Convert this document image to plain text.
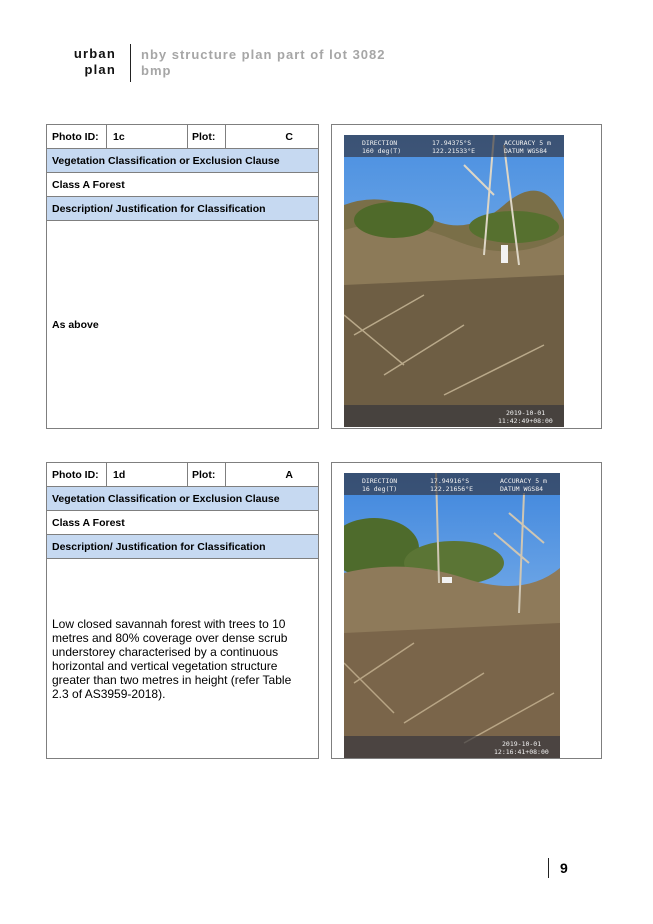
urban
plan
nby structure plan part of lot 3082
bmp
Photo ID:	1c	Plot:	C
Vegetation Classification or Exclusion Clause
Class A Forest
Description/ Justification for Classification
As above
DIRECTION
160 deg(T)
17.94375°S
122.21533°E
ACCURACY 5 m
DATUM WGS84
2019-10-01
11:42:49+08:00
Photo ID:	1d	Plot:	A
Vegetation Classification or Exclusion Clause
Class A Forest
Description/ Justification for Classification
Low closed savannah forest with trees to 10 metres and 80% coverage over dense scrub understorey characterised by a continuous horizontal and vertical vegetation structure greater than two metres in height (refer Table 2.3 of AS3959-2018).
DIRECTION
16 deg(T)
17.94916°S
122.21656°E
ACCURACY 5 m
DATUM WGS84
2019-10-01
12:16:41+08:00
9
